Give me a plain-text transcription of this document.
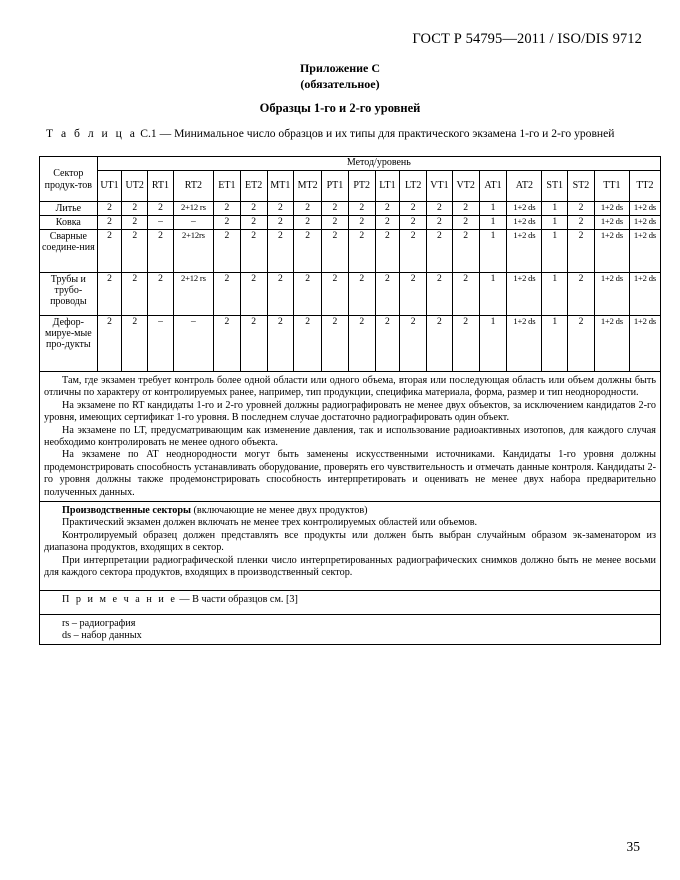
ГОСТ Р 54795—2011 / ISO/DIS 9712
Приложение С
(обязательное)
Образцы 1-го и 2-го уровней
Т а б л и ц а С.1 — Минимальное число образцов и их типы для практического экзамена 1-го и 2-го уровней
Сектор продук-тов	Метод/уровень																			
	UT1	UT2	RT1	RT2	ET1	ET2	MT1	MT2	PT1	PT2	LT1	LT2	VT1	VT2	AT1	AT2	ST1	ST2	TT1	TT2
Литье	2	2	2	2+12 rs	2	2	2	2	2	2	2	2	2	2	1	1+2 ds	1	2	1+2 ds	1+2 ds
Ковка	2	2	–	–	2	2	2	2	2	2	2	2	2	2	1	1+2 ds	1	2	1+2 ds	1+2 ds
Сварные соедине-ния	2	2	2	2+12rs	2	2	2	2	2	2	2	2	2	2	1	1+2 ds	1	2	1+2 ds	1+2 ds
Трубы и трубо-проводы	2	2	2	2+12 rs	2	2	2	2	2	2	2	2	2	2	1	1+2 ds	1	2	1+2 ds	1+2 ds
Дефор-мируе-мые про-дукты	2	2	–	–	2	2	2	2	2	2	2	2	2	2	1	1+2 ds	1	2	1+2 ds	1+2 ds

Там, где экзамен требует контроль более одной области или одного объема, вторая или последующая область или объем должны быть отличны по характеру от контролируемых ранее, например, тип продукции, специфика материала, форма, размер и тип неоднородности.

На экзамене по RT кандидаты 1-го и 2-го уровней должны радиографировать не менее двух объектов, за исключением кандидатов 2-го уровня, имеющих сертификат 1-го уровня. В последнем случае достаточно радиографировать один объект.

На экзамене по LT, предусматривающим как изменение давления, так и использование радиоактивных изотопов, для каждого случая необходимо контролировать не менее одного объекта.

На экзамене по AT неоднородности могут быть заменены искусственными источниками. Кандидаты 1-го уровня должны продемонстрировать способность устанавливать оборудование, проверять его чувствительность и отмечать данные контроля. Кандидаты 2-го уровня должны также продемонстрировать способность интерпретировать и оценивать не менее двух набора предварительно полученных данных.																				

Производственные секторы (включающие не менее двух продуктов)

Практический экзамен должен включать не менее трех контролируемых областей или объемов.

Контролируемый образец должен представлять все продукты или должен быть выбран случайным образом эк-заменатором из диапазона продуктов, входящих в сектор.

При интерпретации радиографической пленки число интерпретированных радиографических снимков должно быть не менее восьми для каждого сектора продуктов, входящих в производственный сектор.																				

П р и м е ч а н и е — В части образцов см. [3]																				

rs – радиография
ds – набор данных																				
35
